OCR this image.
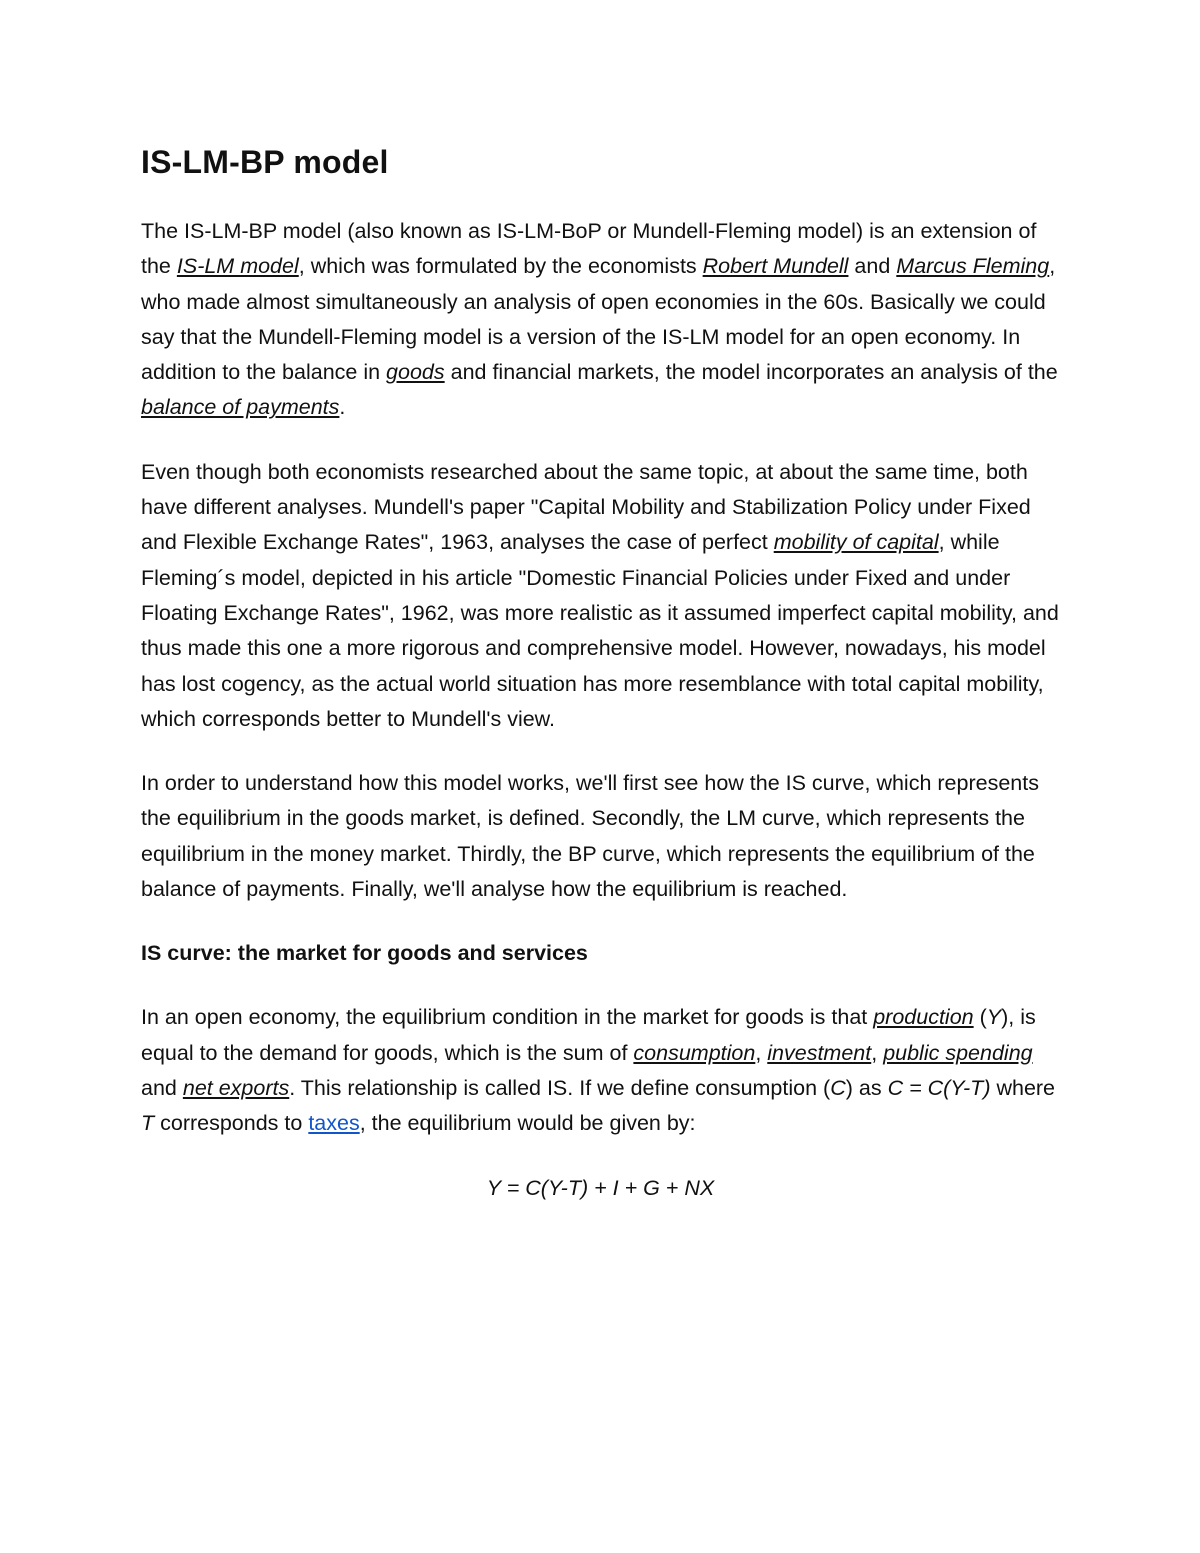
IS-LM-BP model

The IS-LM-BP model (also known as IS-LM-BoP or Mundell-Fleming model) is an extension of the IS-LM model, which was formulated by the economists Robert Mundell and Marcus Fleming, who made almost simultaneously an analysis of open economies in the 60s. Basically we could say that the Mundell-Fleming model is a version of the IS-LM model for an open economy. In addition to the balance in goods and financial markets, the model incorporates an analysis of the balance of payments.

Even though both economists researched about the same topic, at about the same time, both have different analyses. Mundell's paper "Capital Mobility and Stabilization Policy under Fixed and Flexible Exchange Rates", 1963, analyses the case of perfect mobility of capital, while Fleming´s model, depicted in his article "Domestic Financial Policies under Fixed and under Floating Exchange Rates", 1962, was more realistic as it assumed imperfect capital mobility, and thus made this one a more rigorous and comprehensive model. However, nowadays, his model has lost cogency, as the actual world situation has more resemblance with total capital mobility, which corresponds better to Mundell's view.

In order to understand how this model works, we'll first see how the IS curve, which represents the equilibrium in the goods market, is defined. Secondly, the LM curve, which represents the equilibrium in the money market. Thirdly, the BP curve, which represents the equilibrium of the balance of payments. Finally, we'll analyse how the equilibrium is reached.

IS curve: the market for goods and services

In an open economy, the equilibrium condition in the market for goods is that production (Y), is equal to the demand for goods, which is the sum of consumption, investment, public spending and net exports. This relationship is called IS. If we define consumption (C) as C = C(Y-T) where T corresponds to taxes, the equilibrium would be given by:

Y = C(Y-T) + I + G + NX
